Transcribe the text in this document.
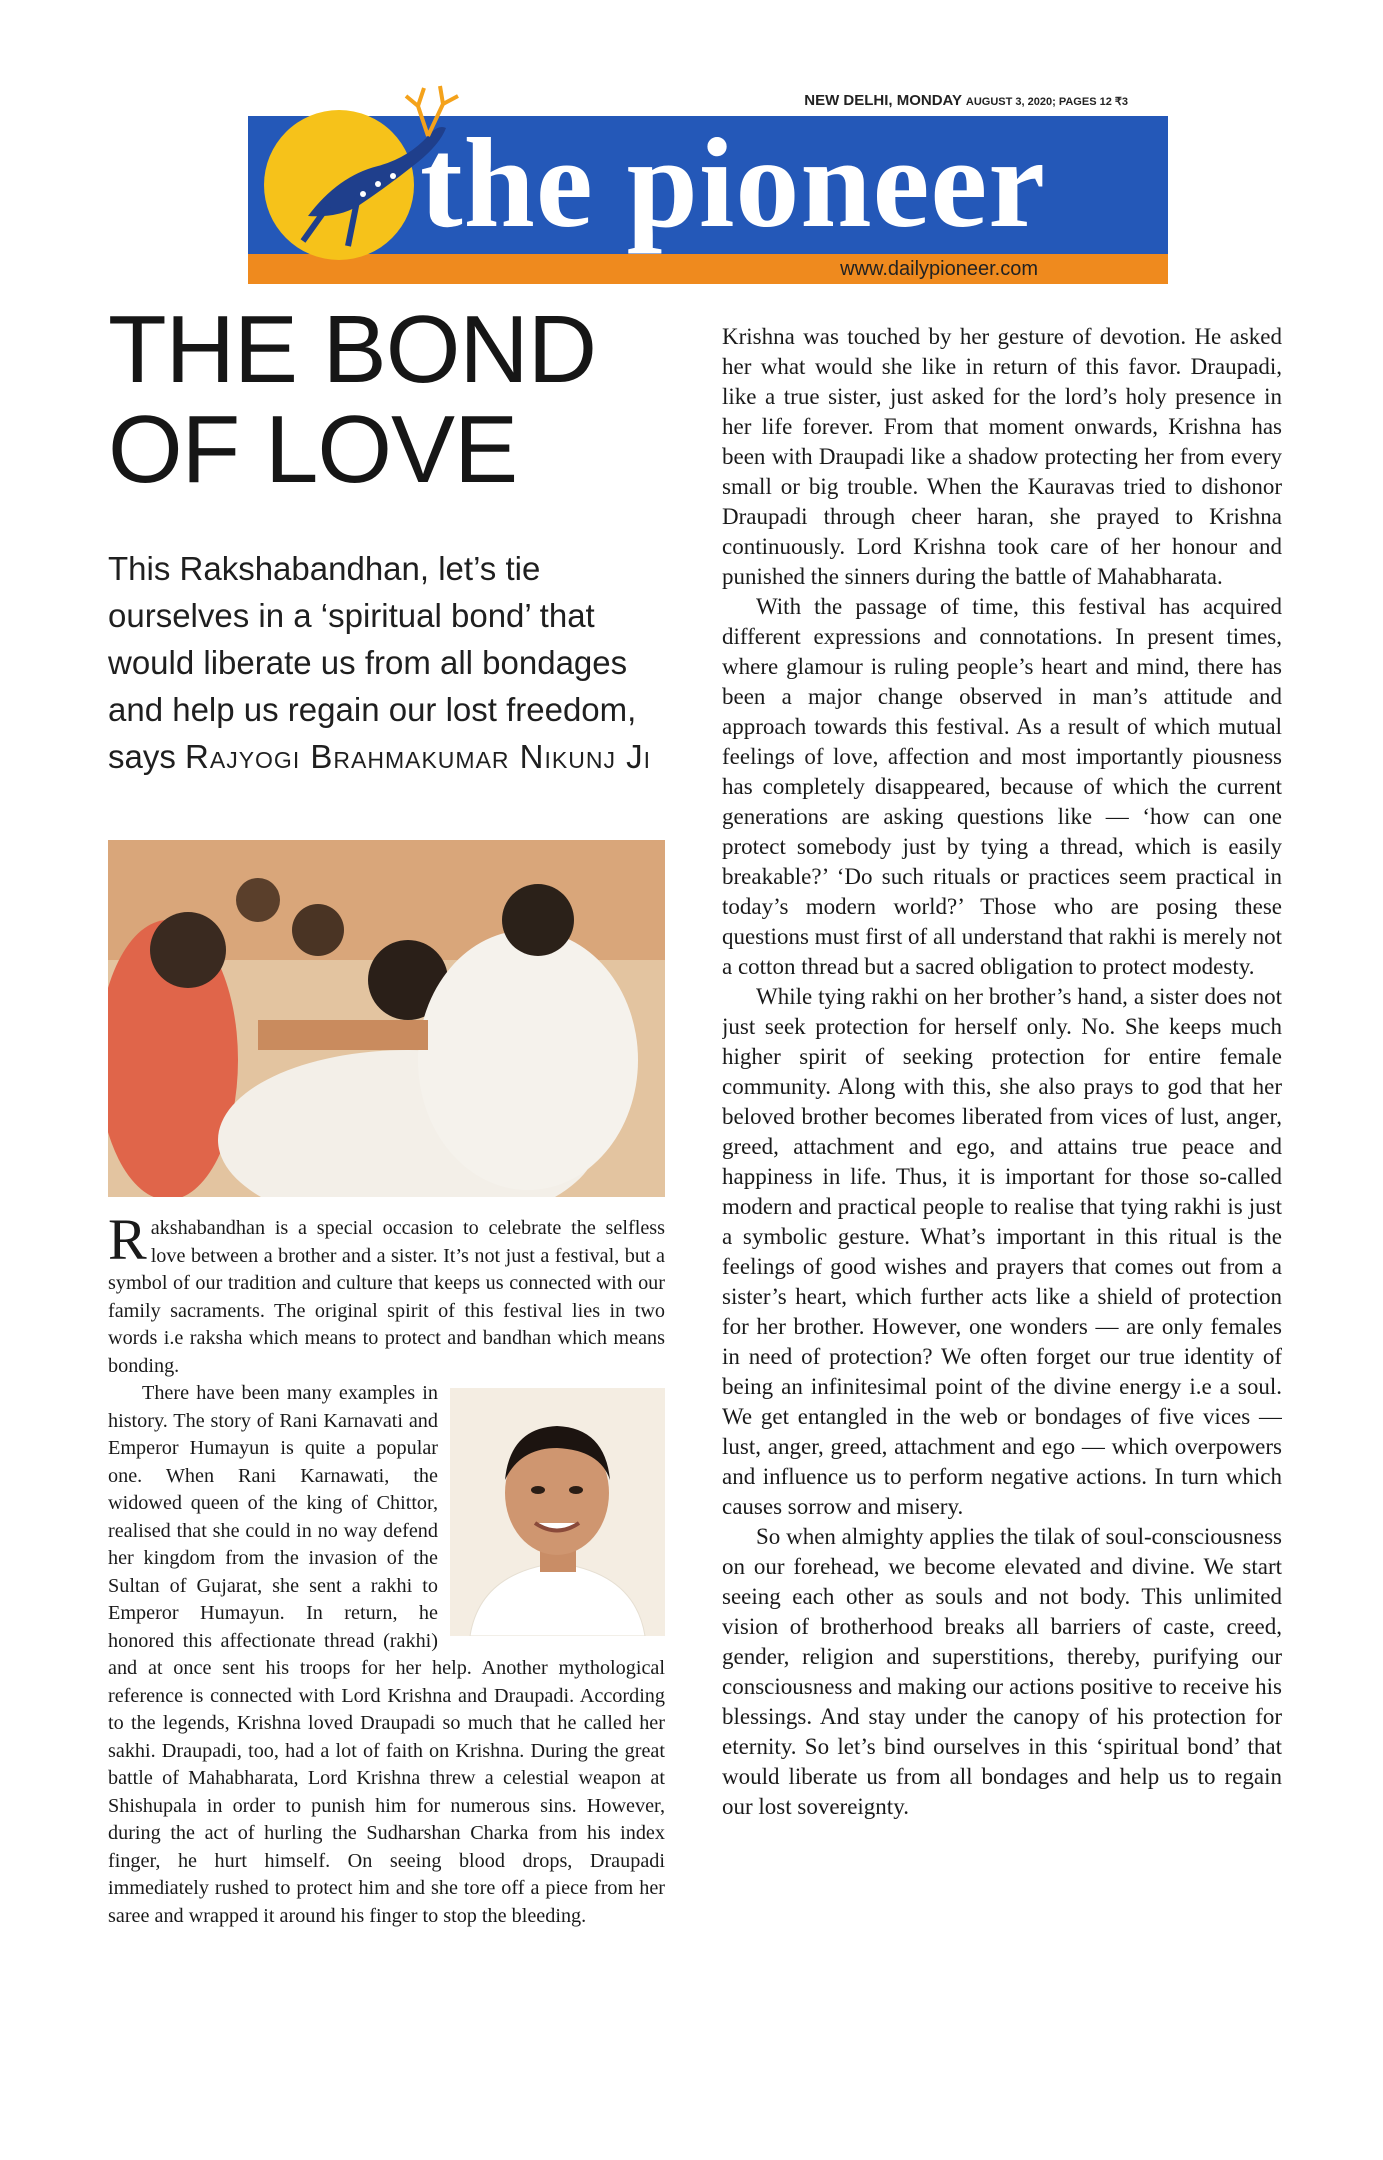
the pioneer
NEW DELHI, MONDAY AUGUST 3, 2020; PAGES 12 ₹3
www.dailypioneer.com
THE BOND
OF LOVE

This Rakshabandhan, let’s tie ourselves in a ‘spiritual bond’ that would liberate us from all bondages and help us regain our lost freedom, says Rajyogi Brahmakumar Nikunj Ji

Rakshabandhan is a special occasion to celebrate the selfless love between a brother and a sister. It’s not just a festival, but a symbol of our tradition and culture that keeps us connected with our family sacraments. The original spirit of this festival lies in two words i.e raksha which means to protect and bandhan which means bonding.

There have been many examples in history. The story of Rani Karnavati and Emperor Humayun is quite a popular one. When Rani Karnawati, the widowed queen of the king of Chittor, realised that she could in no way defend her kingdom from the invasion of the Sultan of Gujarat, she sent a rakhi to Emperor Humayun. In return, he honored this affectionate thread (rakhi) and at once sent his troops for her help. Another mythological reference is connected with Lord Krishna and Draupadi. According to the legends, Krishna loved Draupadi so much that he called her sakhi. Draupadi, too, had a lot of faith on Krishna. During the great battle of Mahabharata, Lord Krishna threw a celestial weapon at Shishupala in order to punish him for numerous sins. However, during the act of hurling the Sudharshan Charka from his index finger, he hurt himself. On seeing blood drops, Draupadi immediately rushed to protect him and she tore off a piece from her saree and wrapped it around his finger to stop the bleeding.

Krishna was touched by her gesture of devotion. He asked her what would she like in return of this favor. Draupadi, like a true sister, just asked for the lord’s holy presence in her life forever. From that moment onwards, Krishna has been with Draupadi like a shadow protecting her from every small or big trouble. When the Kauravas tried to dishonor Draupadi through cheer haran, she prayed to Krishna continuously. Lord Krishna took care of her honour and punished the sinners during the battle of Mahabharata.

With the passage of time, this festival has acquired different expressions and connotations. In present times, where glamour is ruling people’s heart and mind, there has been a major change observed in man’s attitude and approach towards this festival. As a result of which mutual feelings of love, affection and most importantly piousness has completely disappeared, because of which the current generations are asking questions like — ‘how can one protect somebody just by tying a thread, which is easily breakable?’ ‘Do such rituals or practices seem practical in today’s modern world?’ Those who are posing these questions must first of all understand that rakhi is merely not a cotton thread but a sacred obligation to protect modesty.

While tying rakhi on her brother’s hand, a sister does not just seek protection for herself only. No. She keeps much higher spirit of seeking protection for entire female community. Along with this, she also prays to god that her beloved brother becomes liberated from vices of lust, anger, greed, attachment and ego, and attains true peace and happiness in life. Thus, it is important for those so-called modern and practical people to realise that tying rakhi is just a symbolic gesture. What’s important in this ritual is the feelings of good wishes and prayers that comes out from a sister’s heart, which further acts like a shield of protection for her brother. However, one wonders — are only females in need of protection? We often forget our true identity of being an infinitesimal point of the divine energy i.e a soul. We get entangled in the web or bondages of five vices — lust, anger, greed, attachment and ego — which overpowers and influence us to perform negative actions. In turn which causes sorrow and misery.

So when almighty applies the tilak of soul-consciousness on our forehead, we become elevated and divine. We start seeing each other as souls and not body. This unlimited vision of brotherhood breaks all barriers of caste, creed, gender, religion and superstitions, thereby, purifying our consciousness and making our actions positive to receive his blessings. And stay under the canopy of his protection for eternity. So let’s bind ourselves in this ‘spiritual bond’ that would liberate us from all bondages and help us to regain our lost sovereignty.
